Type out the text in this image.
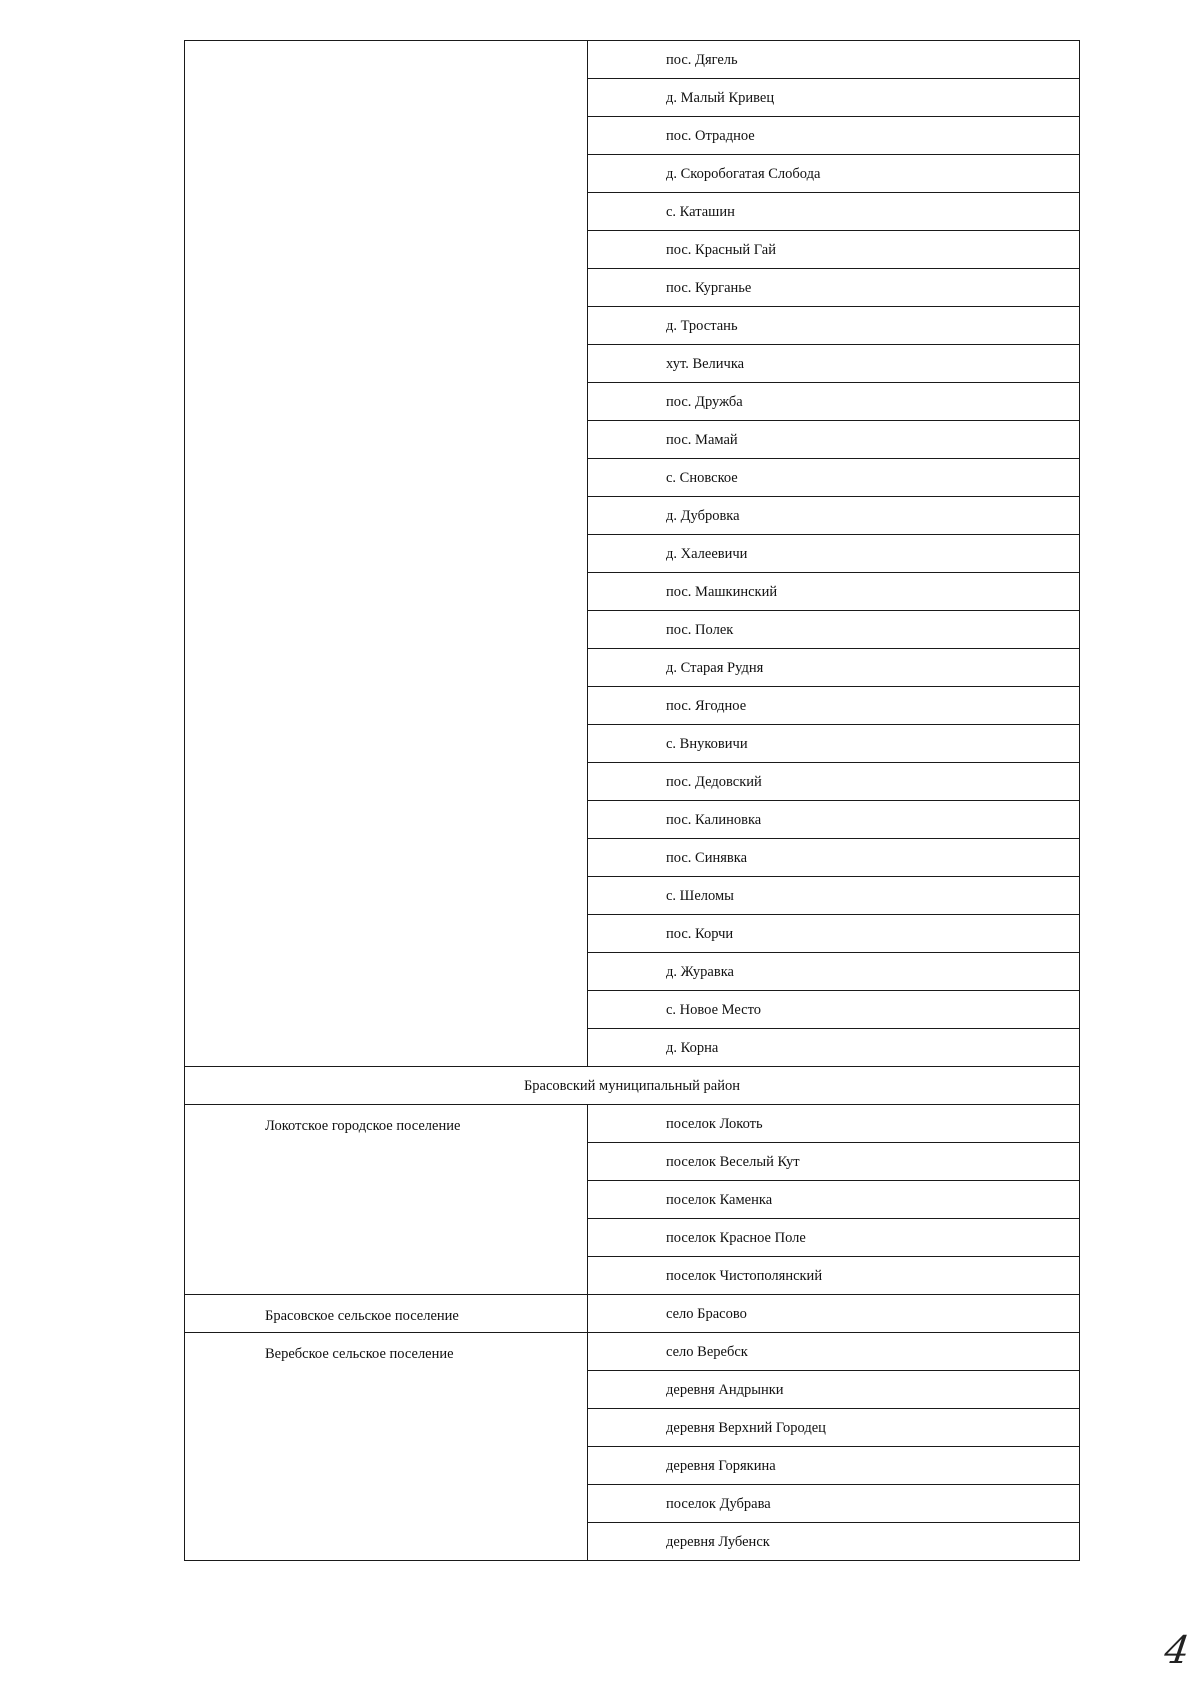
	пос. Дягель
	д. Малый Кривец
	пос. Отрадное
	д. Скоробогатая Слобода
	с. Каташин
	пос. Красный Гай
	пос. Курганье
	д. Тростань
	хут. Величка
	пос. Дружба
	пос. Мамай
	с. Сновское
	д. Дубровка
	д. Халеевичи
	пос. Машкинский
	пос. Полек
	д. Старая Рудня
	пос. Ягодное
	с. Внуковичи
	пос. Дедовский
	пос. Калиновка
	пос. Синявка
	с. Шеломы
	пос. Корчи
	д. Журавка
	с. Новое Место
	д. Корна
Брасовский муниципальный район	
Локотское городское поселение	поселок Локоть
	поселок Веселый Кут
	поселок Каменка
	поселок Красное Поле
	поселок Чистополянский
Брасовское сельское поселение	село Брасово
Веребское сельское поселение	село Веребск
	деревня Андрынки
	деревня Верхний Городец
	деревня Горякина
	поселок Дубрава
	деревня Лубенск
4
